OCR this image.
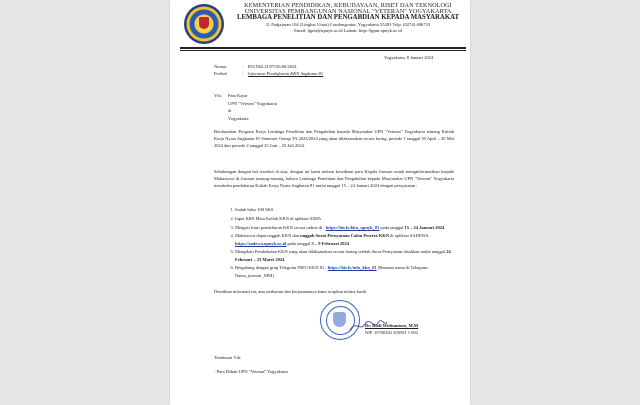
KEMENTERIAN PENDIDIKAN, KEBUDAYAAN, RISET DAN TEKNOLOGI
UNIVERSITAS PEMBANGUNAN NASIONAL "VETERAN" YOGYAKARTA
LEMBAGA PENELITIAN DAN PENGABDIAN KEPADA MASYARAKAT
Jl. Padjajaran 104 (Lingkar Utara) Condongcatur, Yogyakarta 55283 Telp. (0274) 486733
Email: lppm@upnyk.ac.id Laman: http://lppm.upnyk.ac.id
Yogyakarta, 8 Januari 2024
Nomor	:	B/UN62.21/PT.06.00/2024
Perihal	:	Informasi Pendaftaran KKN Angkatan 81
Yth. Para Kajur
UPN "Veteran" Yogyakarta
di
Yogyakarta
Berdasarkan Program Kerja Lembaga Penelitian dan Pengabdian kepada Masyarakat UPN "Veteran" Yogyakarta tentang Kuliah Kerja Nyata Angkatan 81 Semester Genap TA 2023/2024 yang akan dilaksanakan secara luring, periode 1 tanggal 30 April – 30 Mei 2024 dan periode 2 tanggal 25 Juni – 25 Juli 2024.
Sehubungan dengan hal tersebut di atas, dengan ini kami mohon kesediaan para Kepala Jurusan untuk menginformasikan kepada Mahasiswa di Jurusan masing-masing, bahwa Lembaga Penelitian dan Pengabdian kepada Masyarakat UPN "Veteran" Yogyakarta membuka pendaftaran Kuliah Kerja Nyata Angkatan 81 mulai tanggal 15 – 24 Januari 2024 dengan persyaratan :
1. Sudah lulus 100 SKS
2. Input KRS Mata Kuliah KKN di aplikasi SIMA
3. Mengisi form pendaftaran KKN secara online di : https://bit.ly/kkn_upnyk_81 pada tanggal 15 – 24 Januari 2024
4. Mahasiswa dapat unggah KKN dan unggah Surat Pernyataan Calon Peserta KKN di aplikasi SADEWA : https://sadewa.upnyk.ac.id pada tanggal 5 – 9 Februari 2024
5. Mengikuti Pembekalan KKN yang akan dilaksanakan secara daring setelah Surat Pernyataan disahkan mulai tanggal 24 Februari – 23 Maret 2024
6. Bergabung dengan grup Telegram INFO KKN 81 : https://bit.ly/info_kkn_81 (Rename nama di Telegram: Nama_jurusan_NIM)
Demikian informasi ini, atas perhatian dan kerjasamanya kami ucapkan terima kasih.
Dr. Rudi Widisantoso, M.M
NIP. 19700302 200501 1 003
Tembusan Yth:
- Para Dekan UPN "Veteran" Yogyakarta
